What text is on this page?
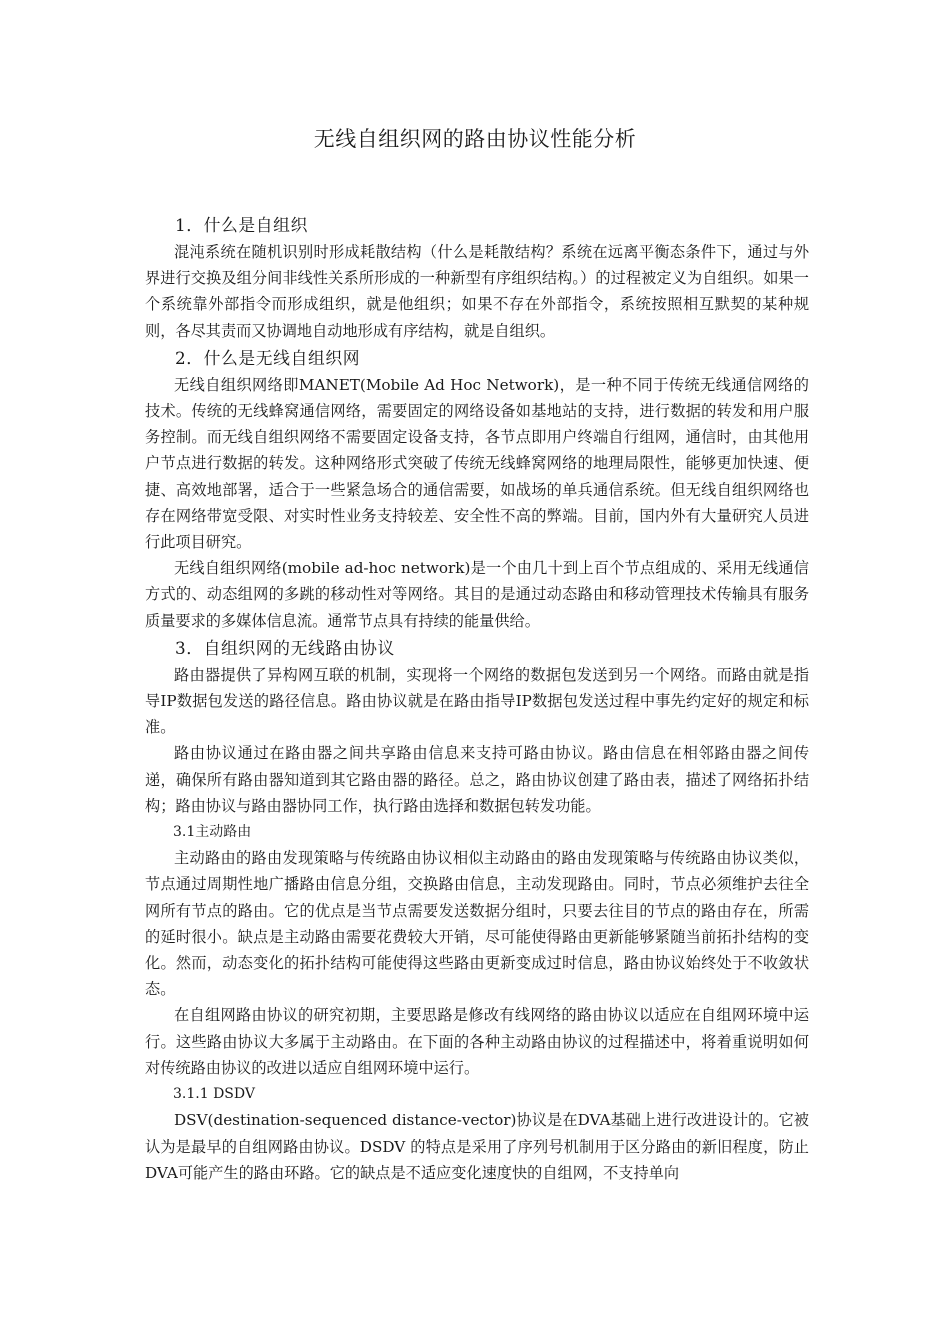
无线自组织网的路由协议性能分析

1．什么是自组织

混沌系统在随机识别时形成耗散结构（什么是耗散结构？系统在远离平衡态条件下，通过与外界进行交换及组分间非线性关系所形成的一种新型有序组织结构。）的过程被定义为自组织。如果一个系统靠外部指令而形成组织，就是他组织；如果不存在外部指令，系统按照相互默契的某种规则，各尽其责而又协调地自动地形成有序结构，就是自组织。

2．什么是无线自组织网

无线自组织网络即MANET(Mobile Ad Hoc Network)，是一种不同于传统无线通信网络的技术。传统的无线蜂窝通信网络，需要固定的网络设备如基地站的支持，进行数据的转发和用户服务控制。而无线自组织网络不需要固定设备支持，各节点即用户终端自行组网，通信时，由其他用户节点进行数据的转发。这种网络形式突破了传统无线蜂窝网络的地理局限性，能够更加快速、便捷、高效地部署，适合于一些紧急场合的通信需要，如战场的单兵通信系统。但无线自组织网络也存在网络带宽受限、对实时性业务支持较差、安全性不高的弊端。目前，国内外有大量研究人员进行此项目研究。

无线自组织网络(mobile ad-hoc network)是一个由几十到上百个节点组成的、采用无线通信方式的、动态组网的多跳的移动性对等网络。其目的是通过动态路由和移动管理技术传输具有服务质量要求的多媒体信息流。通常节点具有持续的能量供给。

3．自组织网的无线路由协议

路由器提供了异构网互联的机制，实现将一个网络的数据包发送到另一个网络。而路由就是指导IP数据包发送的路径信息。路由协议就是在路由指导IP数据包发送过程中事先约定好的规定和标准。

路由协议通过在路由器之间共享路由信息来支持可路由协议。路由信息在相邻路由器之间传递，确保所有路由器知道到其它路由器的路径。总之，路由协议创建了路由表，描述了网络拓扑结构；路由协议与路由器协同工作，执行路由选择和数据包转发功能。

3.1主动路由

主动路由的路由发现策略与传统路由协议相似主动路由的路由发现策略与传统路由协议类似，节点通过周期性地广播路由信息分组，交换路由信息，主动发现路由。同时，节点必须维护去往全网所有节点的路由。它的优点是当节点需要发送数据分组时，只要去往目的节点的路由存在，所需的延时很小。缺点是主动路由需要花费较大开销，尽可能使得路由更新能够紧随当前拓扑结构的变化。然而，动态变化的拓扑结构可能使得这些路由更新变成过时信息，路由协议始终处于不收敛状态。

在自组网路由协议的研究初期，主要思路是修改有线网络的路由协议以适应在自组网环境中运行。这些路由协议大多属于主动路由。在下面的各种主动路由协议的过程描述中，将着重说明如何对传统路由协议的改进以适应自组网环境中运行。

3.1.1 DSDV

DSV(destination-sequenced distance-vector)协议是在DVA基础上进行改进设计的。它被认为是最早的自组网路由协议。DSDV 的特点是采用了序列号机制用于区分路由的新旧程度，防止DVA可能产生的路由环路。它的缺点是不适应变化速度快的自组网，不支持单向
